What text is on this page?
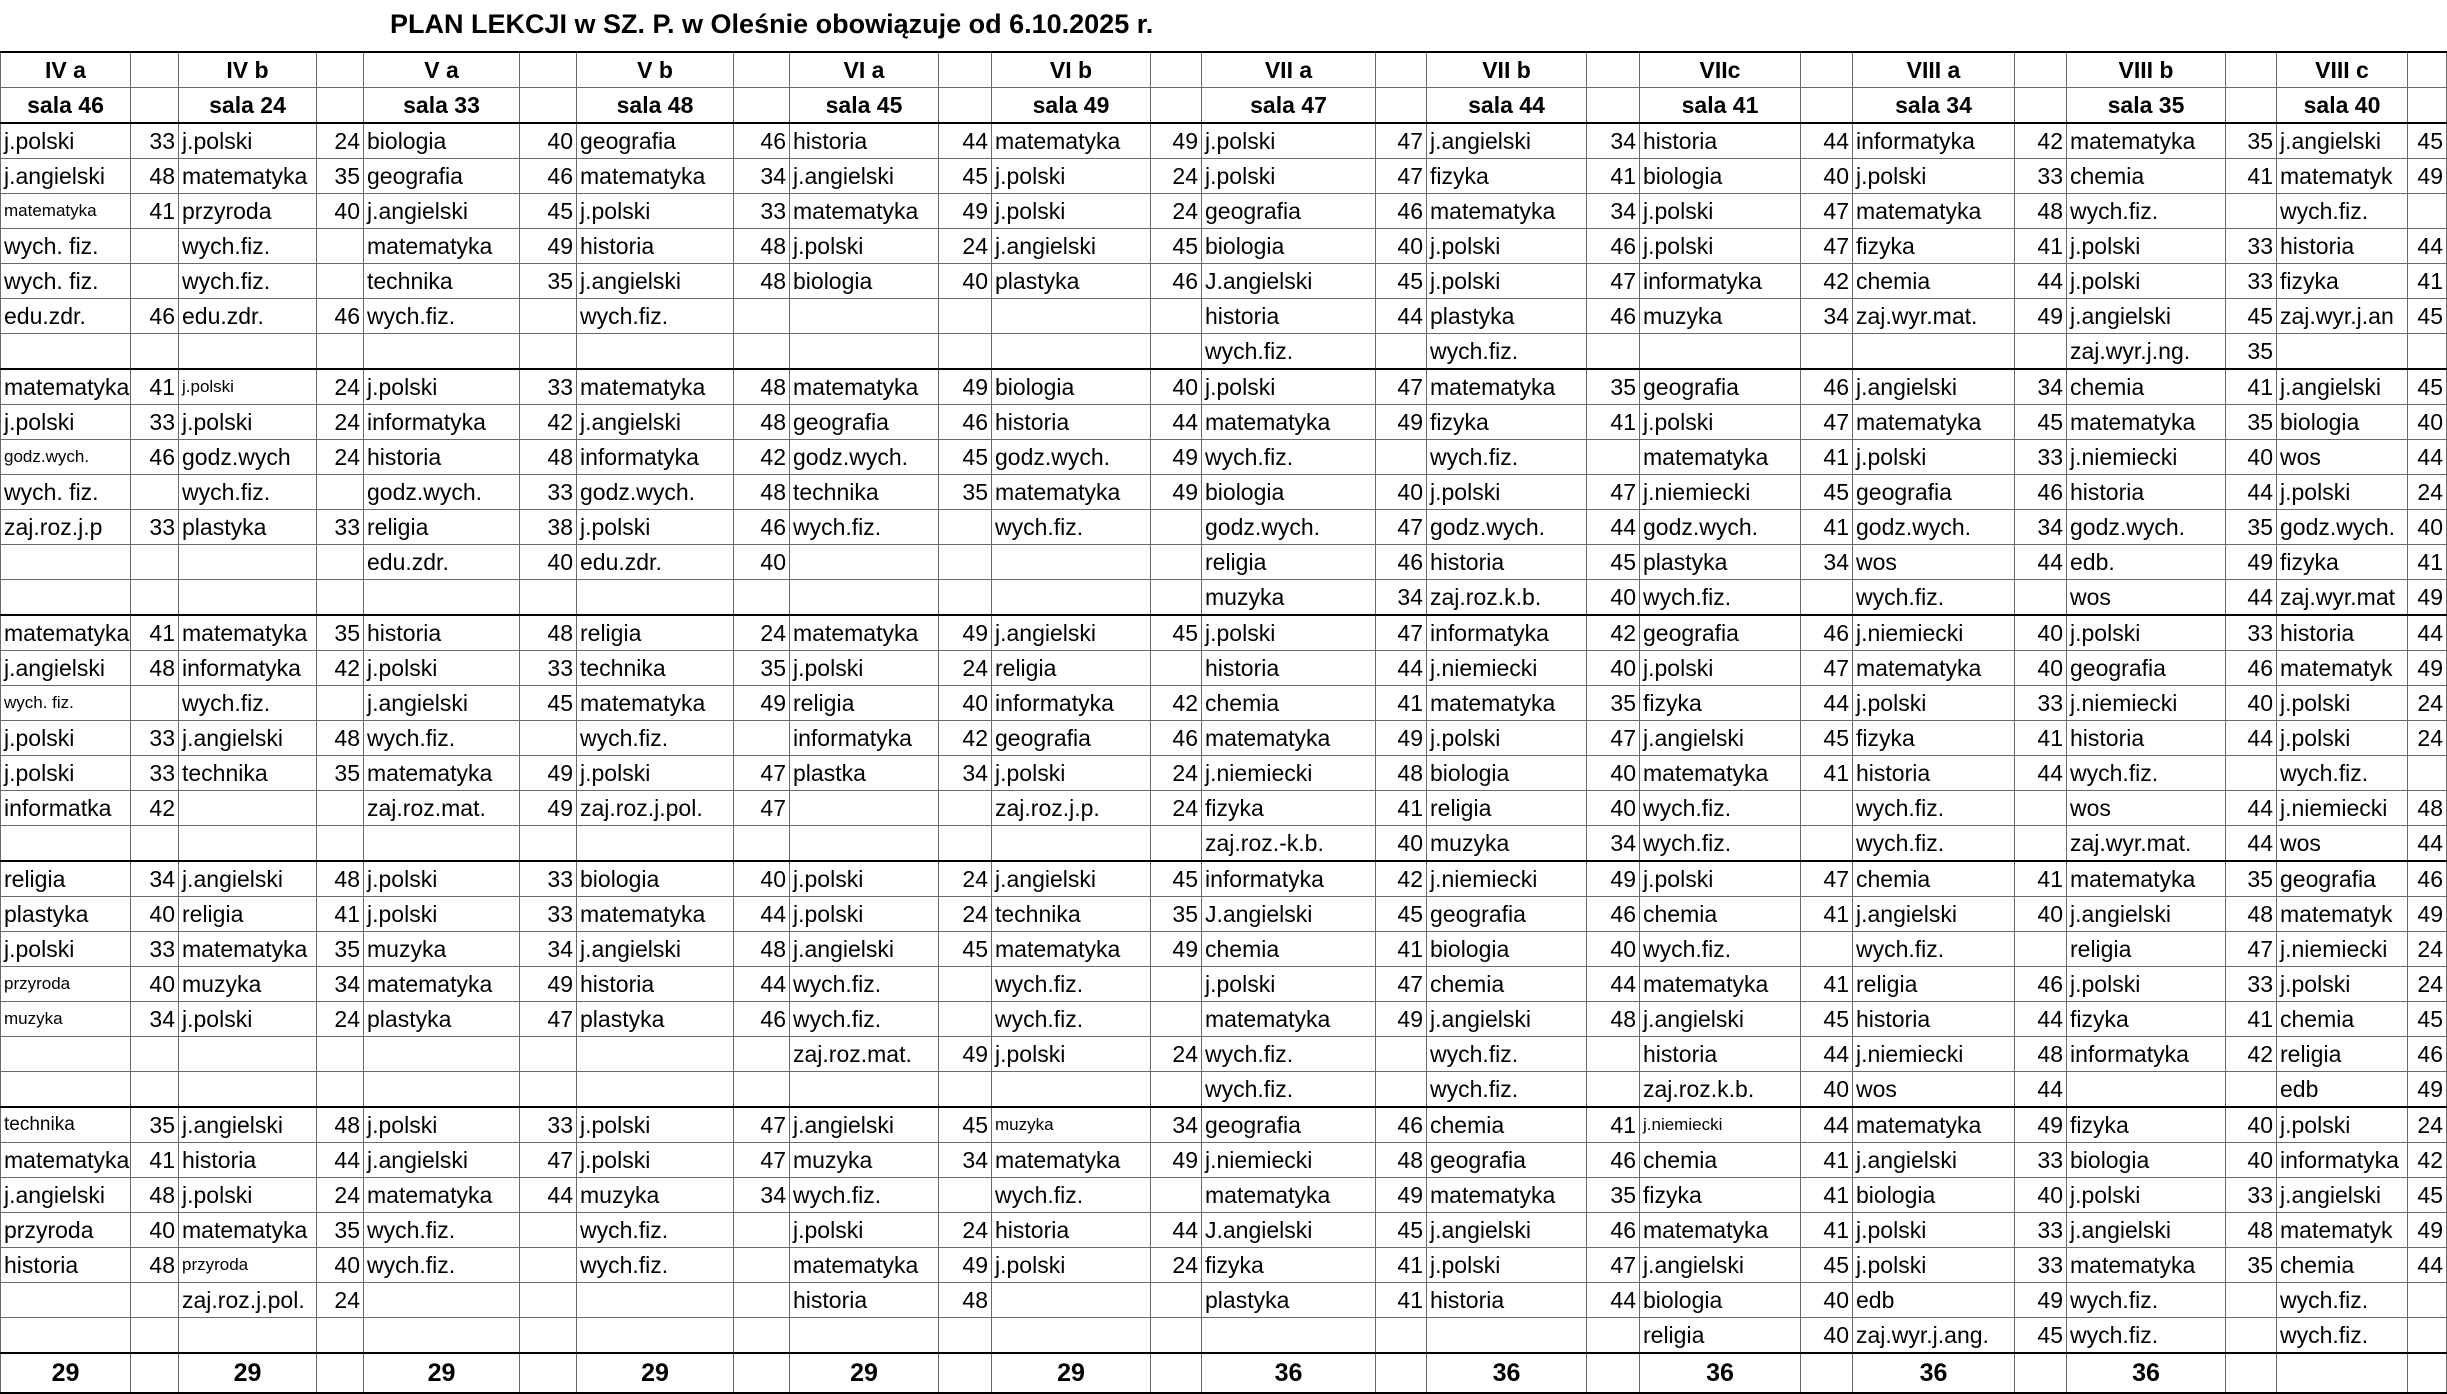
PLAN LEKCJI w SZ. P. w Oleśnie obowiązuje od 6.10.2025 r.
IV a		IV b		V a		V b		VI a		VI b		VII a		VII b		VIIc		VIII a		VIII b		VIII c	
sala 46		sala 24		sala 33		sala 48		sala 45		sala 49		sala 47		sala 44		sala 41		sala 34		sala 35		sala 40	
j.polski	33	j.polski	24	biologia	40	geografia	46	historia	44	matematyka	49	j.polski	47	j.angielski	34	historia	44	informatyka	42	matematyka	35	j.angielski	45
j.angielski	48	matematyka	35	geografia	46	matematyka	34	j.angielski	45	j.polski	24	j.polski	47	fizyka	41	biologia	40	j.polski	33	chemia	41	matematyk	49
matematyka	41	przyroda	40	j.angielski	45	j.polski	33	matematyka	49	j.polski	24	geografia	46	matematyka	34	j.polski	47	matematyka	48	wych.fiz.		wych.fiz.	
wych. fiz.		wych.fiz.		matematyka	49	historia	48	j.polski	24	j.angielski	45	biologia	40	j.polski	46	j.polski	47	fizyka	41	j.polski	33	historia	44
wych. fiz.		wych.fiz.		technika	35	j.angielski	48	biologia	40	plastyka	46	J.angielski	45	j.polski	47	informatyka	42	chemia	44	j.polski	33	fizyka	41
edu.zdr.	46	edu.zdr.	46	wych.fiz.		wych.fiz.						historia	44	plastyka	46	muzyka	34	zaj.wyr.mat.	49	j.angielski	45	zaj.wyr.j.an	45
												wych.fiz.		wych.fiz.						zaj.wyr.j.ng.	35		
matematyka	41	j.polski	24	j.polski	33	matematyka	48	matematyka	49	biologia	40	j.polski	47	matematyka	35	geografia	46	j.angielski	34	chemia	41	j.angielski	45
j.polski	33	j.polski	24	informatyka	42	j.angielski	48	geografia	46	historia	44	matematyka	49	fizyka	41	j.polski	47	matematyka	45	matematyka	35	biologia	40
godz.wych.	46	godz.wych	24	historia	48	informatyka	42	godz.wych.	45	godz.wych.	49	wych.fiz.		wych.fiz.		matematyka	41	j.polski	33	j.niemiecki	40	wos	44
wych. fiz.		wych.fiz.		godz.wych.	33	godz.wych.	48	technika	35	matematyka	49	biologia	40	j.polski	47	j.niemiecki	45	geografia	46	historia	44	j.polski	24
zaj.roz.j.p	33	plastyka	33	religia	38	j.polski	46	wych.fiz.		wych.fiz.		godz.wych.	47	godz.wych.	44	godz.wych.	41	godz.wych.	34	godz.wych.	35	godz.wych.	40
				edu.zdr.	40	edu.zdr.	40					religia	46	historia	45	plastyka	34	wos	44	edb.	49	fizyka	41
												muzyka	34	zaj.roz.k.b.	40	wych.fiz.		wych.fiz.		wos	44	zaj.wyr.mat	49
matematyka	41	matematyka	35	historia	48	religia	24	matematyka	49	j.angielski	45	j.polski	47	informatyka	42	geografia	46	j.niemiecki	40	j.polski	33	historia	44
j.angielski	48	informatyka	42	j.polski	33	technika	35	j.polski	24	religia		historia	44	j.niemiecki	40	j.polski	47	matematyka	40	geografia	46	matematyk	49
wych. fiz.		wych.fiz.		j.angielski	45	matematyka	49	religia	40	informatyka	42	chemia	41	matematyka	35	fizyka	44	j.polski	33	j.niemiecki	40	j.polski	24
j.polski	33	j.angielski	48	wych.fiz.		wych.fiz.		informatyka	42	geografia	46	matematyka	49	j.polski	47	j.angielski	45	fizyka	41	historia	44	j.polski	24
j.polski	33	technika	35	matematyka	49	j.polski	47	plastka	34	j.polski	24	j.niemiecki	48	biologia	40	matematyka	41	historia	44	wych.fiz.		wych.fiz.	
informatka	42			zaj.roz.mat.	49	zaj.roz.j.pol.	47			zaj.roz.j.p.	24	fizyka	41	religia	40	wych.fiz.		wych.fiz.		wos	44	j.niemiecki	48
												zaj.roz.-k.b.	40	muzyka	34	wych.fiz.		wych.fiz.		zaj.wyr.mat.	44	wos	44
religia	34	j.angielski	48	j.polski	33	biologia	40	j.polski	24	j.angielski	45	informatyka	42	j.niemiecki	49	j.polski	47	chemia	41	matematyka	35	geografia	46
plastyka	40	religia	41	j.polski	33	matematyka	44	j.polski	24	technika	35	J.angielski	45	geografia	46	chemia	41	j.angielski	40	j.angielski	48	matematyk	49
j.polski	33	matematyka	35	muzyka	34	j.angielski	48	j.angielski	45	matematyka	49	chemia	41	biologia	40	wych.fiz.		wych.fiz.		religia	47	j.niemiecki	24
przyroda	40	muzyka	34	matematyka	49	historia	44	wych.fiz.		wych.fiz.		j.polski	47	chemia	44	matematyka	41	religia	46	j.polski	33	j.polski	24
muzyka	34	j.polski	24	plastyka	47	plastyka	46	wych.fiz.		wych.fiz.		matematyka	49	j.angielski	48	j.angielski	45	historia	44	fizyka	41	chemia	45
								zaj.roz.mat.	49	j.polski	24	wych.fiz.		wych.fiz.		historia	44	j.niemiecki	48	informatyka	42	religia	46
												wych.fiz.		wych.fiz.		zaj.roz.k.b.	40	wos	44			edb	49
technika	35	j.angielski	48	j.polski	33	j.polski	47	j.angielski	45	muzyka	34	geografia	46	chemia	41	j.niemiecki	44	matematyka	49	fizyka	40	j.polski	24
matematyka	41	historia	44	j.angielski	47	j.polski	47	muzyka	34	matematyka	49	j.niemiecki	48	geografia	46	chemia	41	j.angielski	33	biologia	40	informatyka	42
j.angielski	48	j.polski	24	matematyka	44	muzyka	34	wych.fiz.		wych.fiz.		matematyka	49	matematyka	35	fizyka	41	biologia	40	j.polski	33	j.angielski	45
przyroda	40	matematyka	35	wych.fiz.		wych.fiz.		j.polski	24	historia	44	J.angielski	45	j.angielski	46	matematyka	41	j.polski	33	j.angielski	48	matematyk	49
historia	48	przyroda	40	wych.fiz.		wych.fiz.		matematyka	49	j.polski	24	fizyka	41	j.polski	47	j.angielski	45	j.polski	33	matematyka	35	chemia	44
		zaj.roz.j.pol.	24					historia	48			plastyka	41	historia	44	biologia	40	edb	49	wych.fiz.		wych.fiz.	
																religia	40	zaj.wyr.j.ang.	45	wych.fiz.		wych.fiz.	
29		29		29		29		29		29		36		36		36		36		36			
